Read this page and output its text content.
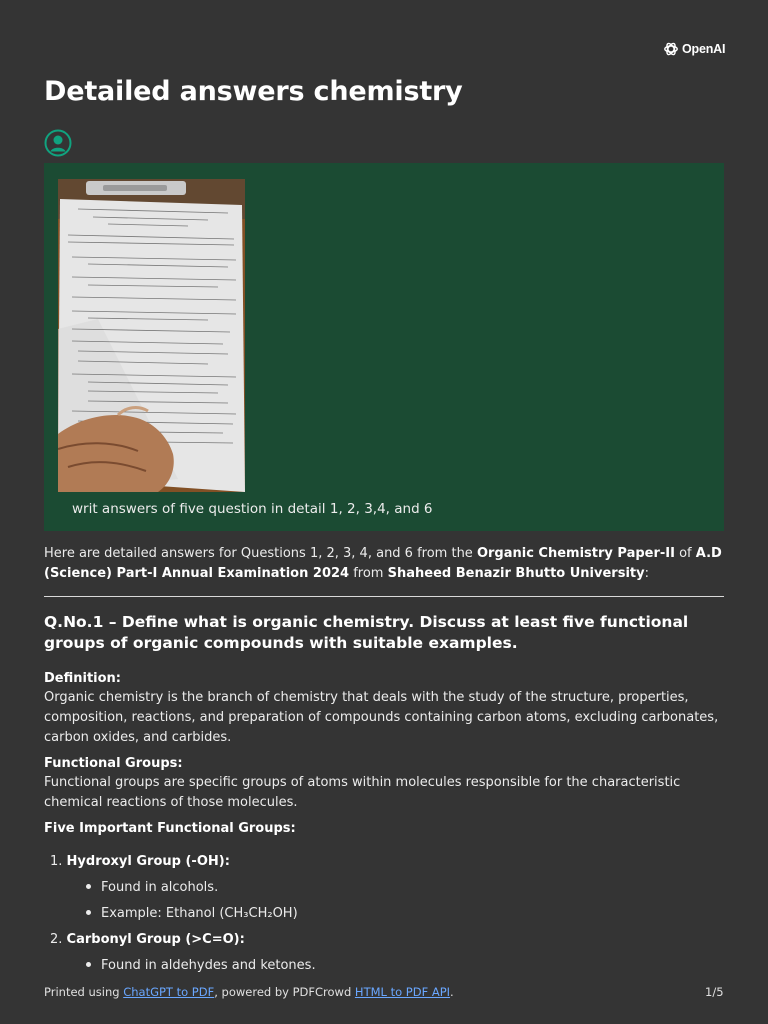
OpenAI
Detailed answers chemistry

writ answers of five question in detail 1, 2, 3,4, and 6

Here are detailed answers for Questions 1, 2, 3, 4, and 6 from the Organic Chemistry Paper-II of A.D (Science) Part-I Annual Examination 2024 from Shaheed Benazir Bhutto University:

Q.No.1 – Define what is organic chemistry. Discuss at least five functional groups of organic compounds with suitable examples.

Definition:

Organic chemistry is the branch of chemistry that deals with the study of the structure, properties, composition, reactions, and preparation of compounds containing carbon atoms, excluding carbonates, carbon oxides, and carbides.

Functional Groups:

Functional groups are specific groups of atoms within molecules responsible for the characteristic chemical reactions of those molecules.

Five Important Functional Groups:

1. Hydroxyl Group (-OH):
Found in alcohols.
Example: Ethanol (CH₃CH₂OH)
2. Carbonyl Group (>C=O):
Found in aldehydes and ketones.

Printed using ChatGPT to PDF, powered by PDFCrowd HTML to PDF API.	1/5
